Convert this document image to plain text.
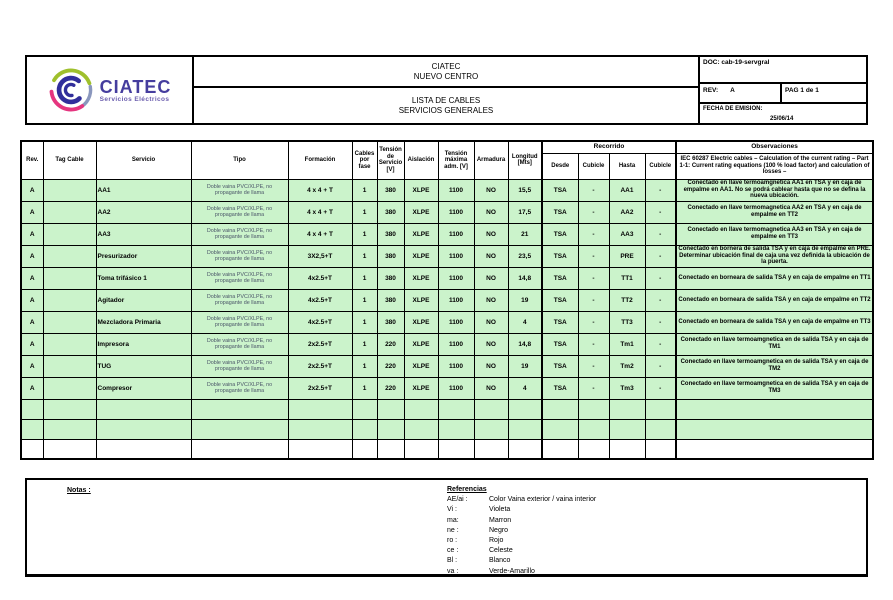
CIATEC
Servicios Eléctricos
CIATEC
NUEVO CENTRO
LISTA DE CABLES
SERVICIOS GENERALES
DOC: cab-19-servgral
REV: A	PAG 1 de 1
FECHA DE EMISION:
25/06/14
Rev.	Tag Cable	Servicio	Tipo	Formación	Cables por fase	Tensión de Servicio [V]	Aislación	Tensión máxima adm. [V]	Armadura	Longitud [Mts]	Recorrido				Observaciones
											Desde	Cubicle	Hasta	Cubicle	IEC 60287 Electric cables – Calculation of the current rating – Part 1-1: Current rating equations (100 % load factor) and calculation of losses –
A		AA1	Doble vaina PVC/XLPE, no propagante de llama	4 x 4 + T	1	380	XLPE	1100	NO	15,5	TSA	-	AA1	-	Conectado en llave termoamgnetica AA1 en TSA y en caja de empalme en AA1. No se podrá cablear hasta que no se defina la nueva ubicación.
A		AA2	Doble vaina PVC/XLPE, no propagante de llama	4 x 4 + T	1	380	XLPE	1100	NO	17,5	TSA	-	AA2	-	Conectado en llave termomagnetica AA2 en TSA y en caja de empalme en TT2
A		AA3	Doble vaina PVC/XLPE, no propagante de llama	4 x 4 + T	1	380	XLPE	1100	NO	21	TSA	-	AA3	-	Conectado en llave termomagnetica AA3 en TSA y en caja de empalme en TT3
A		Presurizador	Doble vaina PVC/XLPE, no propagante de llama	3X2,5+T	1	380	XLPE	1100	NO	23,5	TSA	-	PRE	-	Conectado en bornera de salida TSA y en caja de empalme en PRE. Determinar ubicación final de caja una vez definida la ubicación de la puerta.
A		Toma trifásico 1	Doble vaina PVC/XLPE, no propagante de llama	4x2.5+T	1	380	XLPE	1100	NO	14,8	TSA	-	TT1	-	Conectado en borneara de salida TSA y en caja de empalme en TT1
A		Agitador	Doble vaina PVC/XLPE, no propagante de llama	4x2.5+T	1	380	XLPE	1100	NO	19	TSA	-	TT2	-	Conectado en borneara de salida TSA y en caja de empalme en TT2
A		Mezcladora Primaria	Doble vaina PVC/XLPE, no propagante de llama	4x2.5+T	1	380	XLPE	1100	NO	4	TSA	-	TT3	-	Conectado en borneara de salida TSA y en caja de empalme en TT3
A		Impresora	Doble vaina PVC/XLPE, no propagante de llama	2x2.5+T	1	220	XLPE	1100	NO	14,8	TSA	-	Tm1	-	Conectado en llave termoamgnetica en de salida TSA y en caja de TM1
A		TUG	Doble vaina PVC/XLPE, no propagante de llama	2x2.5+T	1	220	XLPE	1100	NO	19	TSA	-	Tm2	-	Conectado en llave termoamgnetica en de salida TSA y en caja de TM2
A		Compresor	Doble vaina PVC/XLPE, no propagante de llama	2x2.5+T	1	220	XLPE	1100	NO	4	TSA	-	Tm3	-	Conectado en llave termoamgnetica en de salida TSA y en caja de TM3

Notas :	Referencias
AE/ai :	Color Vaina exterior / vaina interior
Vi :	Violeta
ma:	Marron
ne :	Negro
ro :	Rojo
ce :	Celeste
Bl :	Blanco
va :	Verde-Amarillo
